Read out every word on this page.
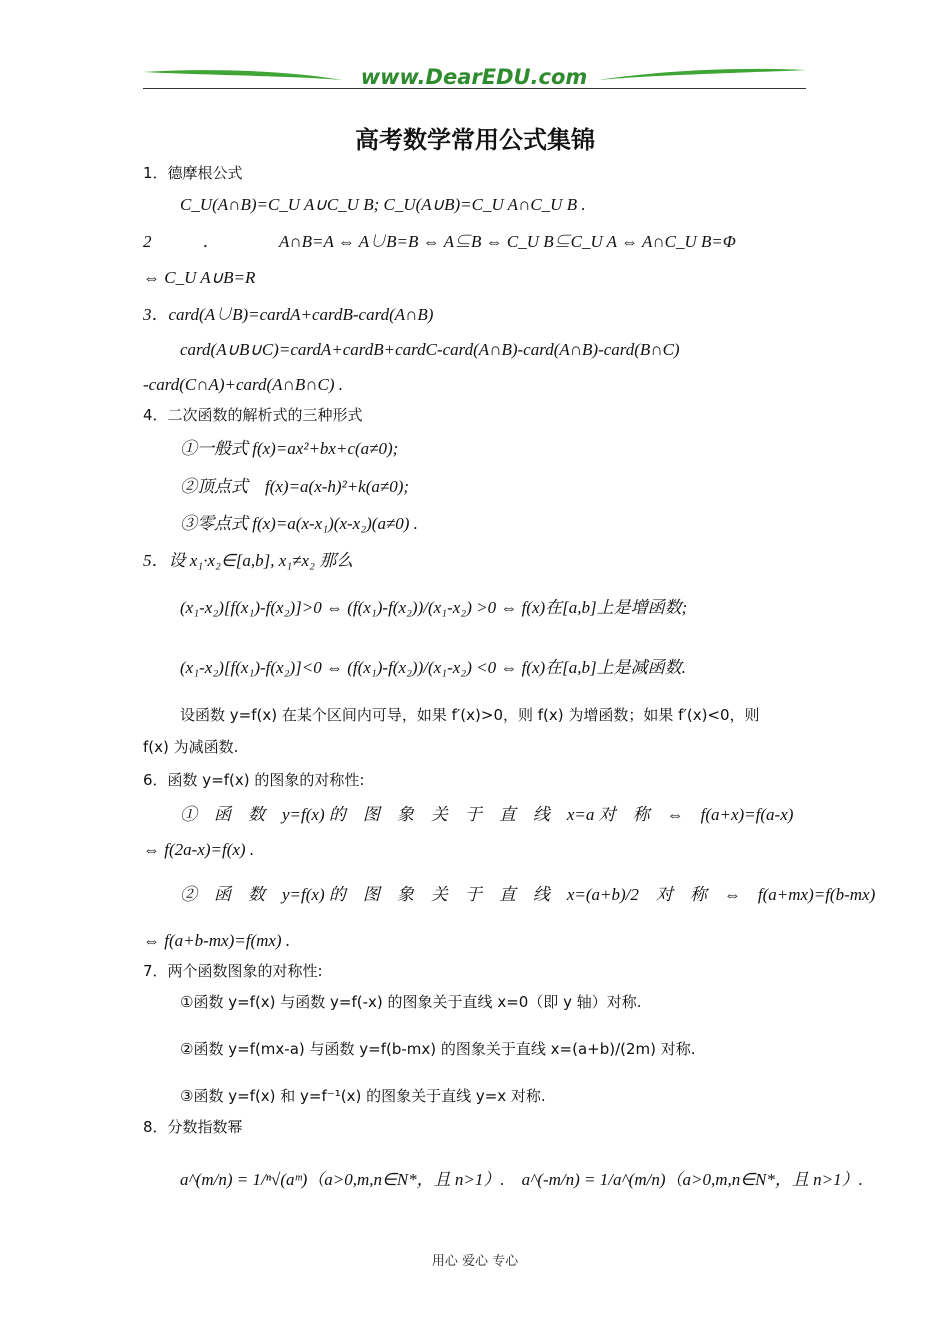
www.DearEDU.com
高考数学常用公式集锦
1．德摩根公式
C_U(A∩B)=C_U A∪C_U B; C_U(A∪B)=C_U A∩C_U B .
2　　　．　　　　A∩B=A ⇔ A∪B=B ⇔ A⊆B ⇔ C_U B⊆C_U A ⇔ A∩C_U B=Φ
⇔ C_U A∪B=R
3．card(A∪B)=cardA+cardB-card(A∩B)
card(A∪B∪C)=cardA+cardB+cardC-card(A∩B)-card(A∩B)-card(B∩C)
-card(C∩A)+card(A∩B∩C) .
4．二次函数的解析式的三种形式
①一般式 f(x)=ax²+bx+c(a≠0);
②顶点式　f(x)=a(x-h)²+k(a≠0);
③零点式 f(x)=a(x-x₁)(x-x₂)(a≠0) .
5．设 x₁·x₂∈[a,b], x₁≠x₂ 那么
(x₁-x₂)[f(x₁)-f(x₂)]>0 ⇔ (f(x₁)-f(x₂))/(x₁-x₂) >0 ⇔ f(x)在[a,b]上是增函数;
(x₁-x₂)[f(x₁)-f(x₂)]<0 ⇔ (f(x₁)-f(x₂))/(x₁-x₂) <0 ⇔ f(x)在[a,b]上是减函数.
设函数 y=f(x) 在某个区间内可导，如果 f′(x)>0，则 f(x) 为增函数；如果 f′(x)<0，则
f(x) 为减函数.
6．函数 y=f(x) 的图象的对称性:
①　函　数　y=f(x) 的　图　象　关　于　直　线　x=a 对　称　⇔　f(a+x)=f(a-x)
⇔ f(2a-x)=f(x) .
②　函　数　y=f(x) 的　图　象　关　于　直　线　x=(a+b)/2　对　称　⇔　f(a+mx)=f(b-mx)
⇔ f(a+b-mx)=f(mx) .
7．两个函数图象的对称性:
①函数 y=f(x) 与函数 y=f(-x) 的图象关于直线 x=0（即 y 轴）对称.
②函数 y=f(mx-a) 与函数 y=f(b-mx) 的图象关于直线 x=(a+b)/(2m) 对称.
③函数 y=f(x) 和 y=f⁻¹(x) 的图象关于直线 y=x 对称.
8．分数指数幂
a^(m/n) = 1/ⁿ√(aᵐ)（a>0,m,n∈N*，且 n>1）.　a^(-m/n) = 1/a^(m/n)（a>0,m,n∈N*，且 n>1）.
用心 爱心 专心
